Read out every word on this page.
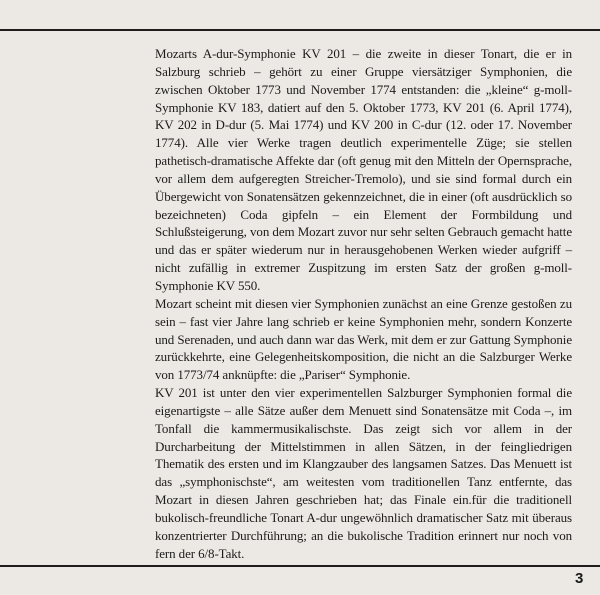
Mozarts A-dur-Symphonie KV 201 – die zweite in dieser Tonart, die er in Salzburg schrieb – gehört zu einer Gruppe viersätziger Symphonien, die zwischen Oktober 1773 und November 1774 entstanden: die „kleine“ g-moll-Symphonie KV 183, datiert auf den 5. Oktober 1773, KV 201 (6. April 1774), KV 202 in D-dur (5. Mai 1774) und KV 200 in C-dur (12. oder 17. November 1774). Alle vier Werke tragen deutlich experimentelle Züge; sie stellen pathetisch-dramatische Affekte dar (oft genug mit den Mitteln der Opernsprache, vor allem dem aufgeregten Streicher-Tremolo), und sie sind formal durch ein Übergewicht von Sonatensätzen gekennzeichnet, die in einer (oft ausdrücklich so bezeichneten) Coda gipfeln – ein Element der Formbildung und Schlußsteigerung, von dem Mozart zuvor nur sehr selten Gebrauch gemacht hatte und das er später wiederum nur in herausgehobenen Werken wieder aufgriff – nicht zufällig in extremer Zuspitzung im ersten Satz der großen g-moll-Symphonie KV 550.

Mozart scheint mit diesen vier Symphonien zunächst an eine Grenze gestoßen zu sein – fast vier Jahre lang schrieb er keine Symphonien mehr, sondern Konzerte und Serenaden, und auch dann war das Werk, mit dem er zur Gattung Symphonie zurückkehrte, eine Gelegenheitskomposition, die nicht an die Salzburger Werke von 1773/74 anknüpfte: die „Pariser“ Symphonie.

KV 201 ist unter den vier experimentellen Salzburger Symphonien formal die eigenartigste – alle Sätze außer dem Menuett sind Sonatensätze mit Coda –, im Tonfall die kammermusikalischste. Das zeigt sich vor allem in der Durcharbeitung der Mittelstimmen in allen Sätzen, in der feingliedrigen Thematik des ersten und im Klangzauber des langsamen Satzes. Das Menuett ist das „symphonischste“, am weitesten vom traditionellen Tanz entfernte, das Mozart in diesen Jahren geschrieben hat; das Finale ein.für die traditionell bukolisch-freundliche Tonart A-dur ungewöhnlich dramatischer Satz mit überaus konzentrierter Durchführung; an die bukolische Tradition erinnert nur noch von fern der 6/8-Takt.

3
